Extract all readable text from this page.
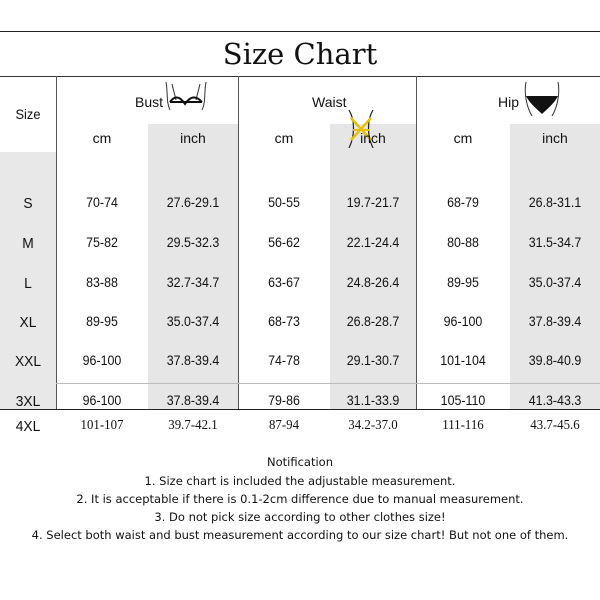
Size Chart
Size
Bust	Waist	Hip
cm	inch	cm	inch	cm	inch
S	70-74	27.6-29.1	50-55	19.7-21.7	68-79	26.8-31.1
M	75-82	29.5-32.3	56-62	22.1-24.4	80-88	31.5-34.7
L	83-88	32.7-34.7	63-67	24.8-26.4	89-95	35.0-37.4
XL	89-95	35.0-37.4	68-73	26.8-28.7	96-100	37.8-39.4
XXL	96-100	37.8-39.4	74-78	29.1-30.7	101-104	39.8-40.9
3XL	96-100	37.8-39.4	79-86	31.1-33.9	105-110	41.3-43.3
4XL	101-107	39.7-42.1	87-94	34.2-37.0	111-116	43.7-45.6
Notification
1. Size chart is included the adjustable measurement.
2. It is acceptable if there is 0.1-2cm difference due to manual measurement.
3. Do not pick size according to other clothes size!
4. Select both waist and bust measurement according to our size chart! But not one of them.
